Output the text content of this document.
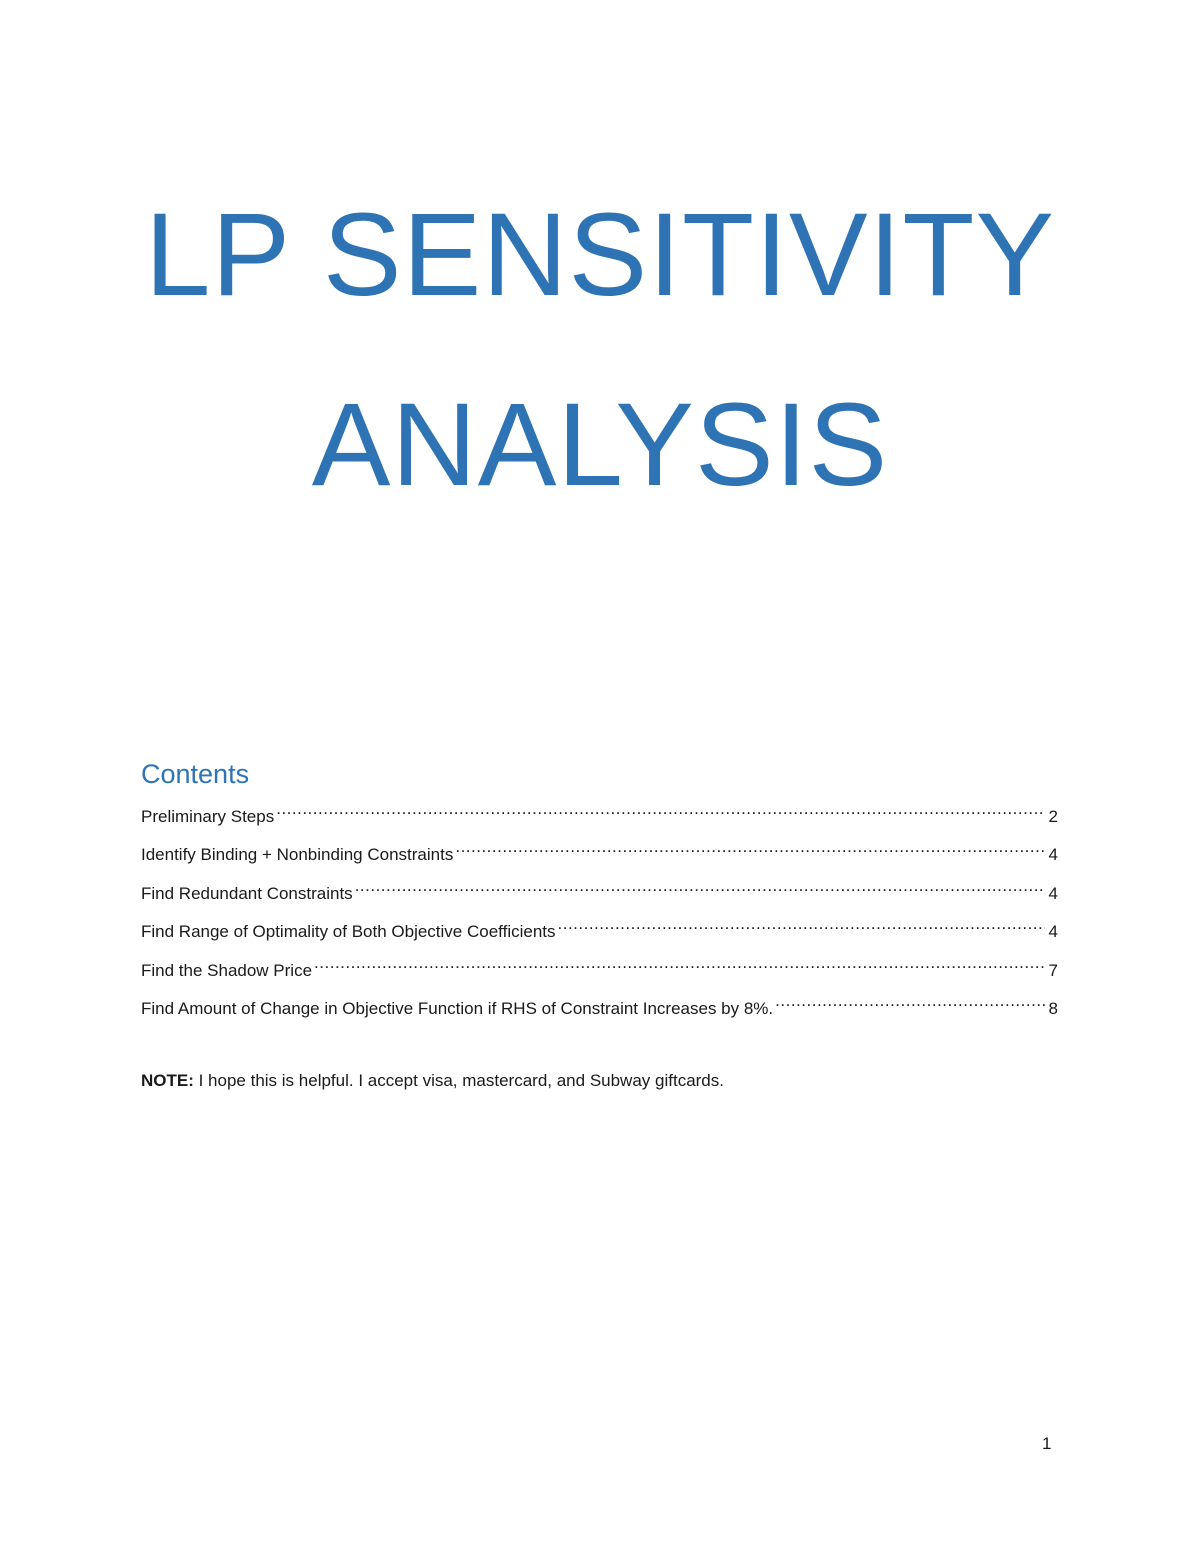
LP SENSITIVITY
ANALYSIS
Contents
Preliminary Steps .....	2
Identify Binding + Nonbinding Constraints .....	4
Find Redundant Constraints .....	4
Find Range of Optimality of Both Objective Coefficients .....	4
Find the Shadow Price .....	7
Find Amount of Change in Objective Function if RHS of Constraint Increases by 8%. .....	8

NOTE: I hope this is helpful. I accept visa, mastercard, and Subway giftcards.

1
